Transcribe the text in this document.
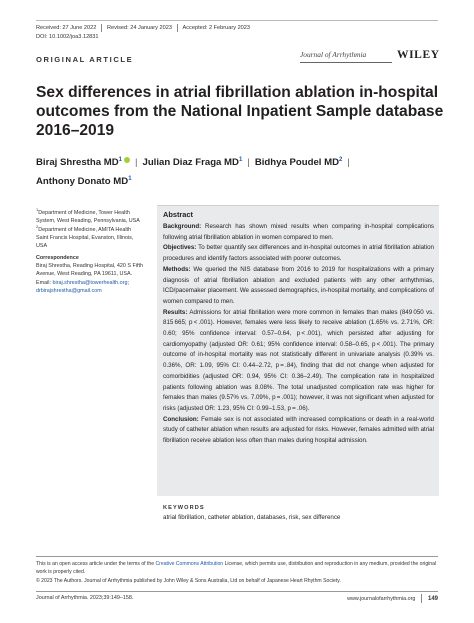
Received: 27 June 2022 Revised: 24 January 2023 Accepted: 2 February 2023
DOI: 10.1002/joa3.12831
ORIGINAL ARTICLE
Journal of Arrhythmia	WILEY
Sex differences in atrial fibrillation ablation in-hospital outcomes from the National Inpatient Sample database 2016–2019
Biraj Shrestha $MD^1$ | Julian Diaz Fraga $MD^1$ | Bidhya Poudel $MD^2$ |
Anthony Donato $MD^1$
$^1$Department of Medicine, Tower Health System, West Reading, Pennsylvania, USA
$^2$Department of Medicine, AMITA Health Saint Francis Hospital, Evanston, Illinois, USA
Correspondence
Biraj Shrestha, Reading Hospital, 420 S Fifth Avenue, West Reading, PA 19611, USA.
Email: biraj.shrestha@towerhealth.org; drbirajshrestha@gmail.com
Abstract

Background: Research has shown mixed results when comparing in-hospital complications following atrial fibrillation ablation in women compared to men.

Objectives: To better quantify sex differences and in-hospital outcomes in atrial fibrillation ablation procedures and identify factors associated with poorer outcomes.

Methods: We queried the NIS database from 2016 to 2019 for hospitalizations with a primary diagnosis of atrial fibrillation ablation and excluded patients with any other arrhythmias, ICD/pacemaker placement. We assessed demographics, in-hospital mortality, and complications of women compared to men.

Results: Admissions for atrial fibrillation were more common in females than males (849 050 vs. 815 665; p < .001). However, females were less likely to receive ablation (1.65% vs. 2.71%, OR: 0.60; 95% confidence interval: 0.57–0.64, p < .001), which persisted after adjusting for cardiomyopathy (adjusted OR: 0.61; 95% confidence interval: 0.58–0.65, p < .001). The primary outcome of in-hospital mortality was not statistically different in univariate analysis (0.39% vs. 0.36%, OR: 1.09, 95% CI: 0.44–2.72, p = .84), finding that did not change when adjusted for comorbidities (adjusted OR: 0.94, 95% CI: 0.36–2.49). The complication rate in hospitalized patients following ablation was 8.08%. The total unadjusted complication rate was higher for females than males (9.57% vs. 7.09%, p = .001); however, it was not significant when adjusted for risks (adjusted OR: 1.23, 95% CI: 0.99–1.53, p = .06).

Conclusion: Female sex is not associated with increased complications or death in a real-world study of catheter ablation when results are adjusted for risks. However, females admitted with atrial fibrillation receive ablation less often than males during hospital admission.

KEYWORDS
atrial fibrillation, catheter ablation, databases, risk, sex difference
This is an open access article under the terms of the Creative Commons Attribution License, which permits use, distribution and reproduction in any medium, provided the original work is properly cited.
© 2023 The Authors. Journal of Arrhythmia published by John Wiley & Sons Australia, Ltd on behalf of Japanese Heart Rhythm Society.
Journal of Arrhythmia. 2023;39:149–158.	www.journalofarrhythmia.org 149
